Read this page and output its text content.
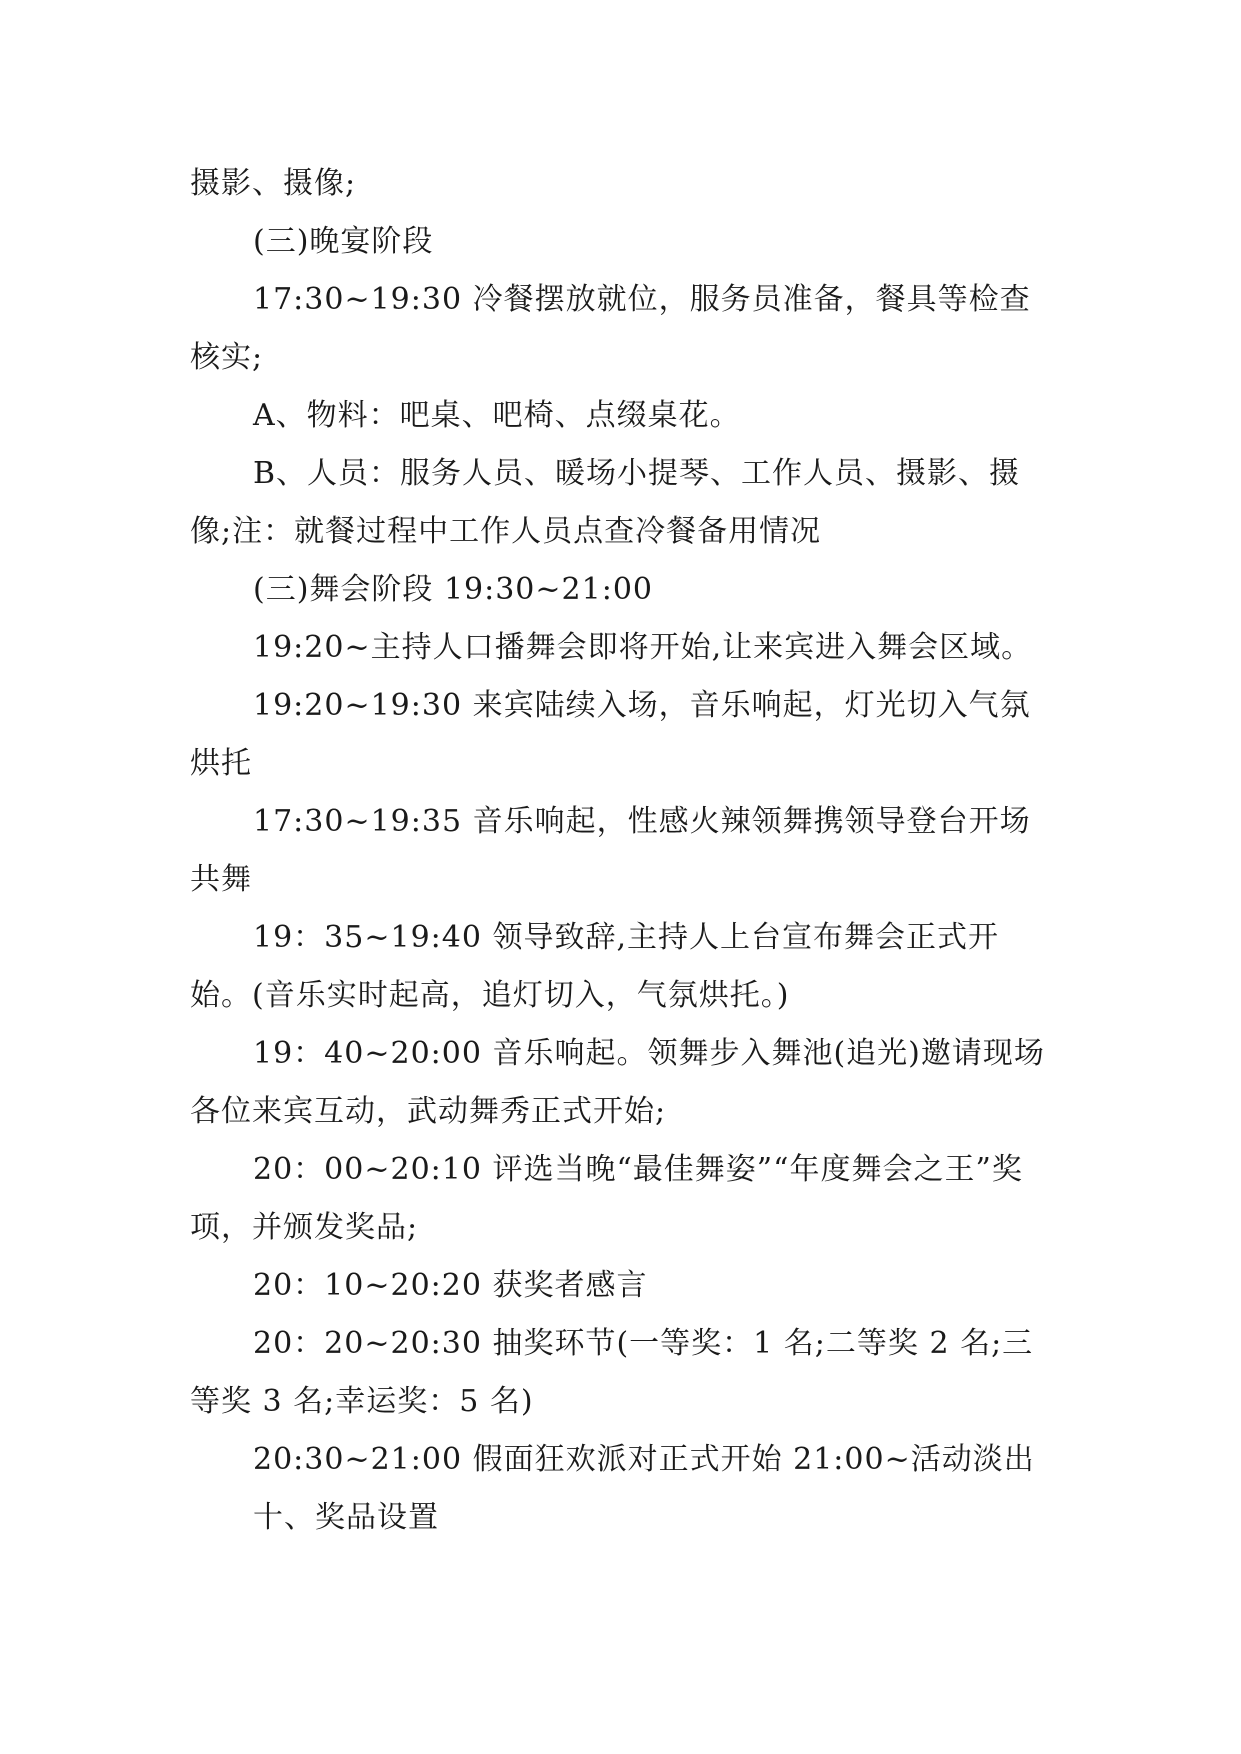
摄影、摄像;

(三)晚宴阶段

17:30~19:30 冷餐摆放就位，服务员准备，餐具等检查核实;

A、物料：吧桌、吧椅、点缀桌花。

B、人员：服务人员、暖场小提琴、工作人员、摄影、摄像;注：就餐过程中工作人员点查冷餐备用情况

(三)舞会阶段 19:30~21:00

19:20~主持人口播舞会即将开始,让来宾进入舞会区域。

19:20~19:30 来宾陆续入场，音乐响起，灯光切入气氛烘托

17:30~19:35 音乐响起，性感火辣领舞携领导登台开场共舞

19：35~19:40 领导致辞,主持人上台宣布舞会正式开始。(音乐实时起高，追灯切入，气氛烘托。)

19：40~20:00 音乐响起。领舞步入舞池(追光)邀请现场各位来宾互动，武动舞秀正式开始;

20：00~20:10 评选当晚“最佳舞姿”“年度舞会之王”奖项，并颁发奖品;

20：10~20:20 获奖者感言

20：20~20:30 抽奖环节(一等奖：1 名;二等奖 2 名;三等奖 3 名;幸运奖：5 名)

20:30~21:00 假面狂欢派对正式开始 21:00~活动淡出

十、奖品设置
